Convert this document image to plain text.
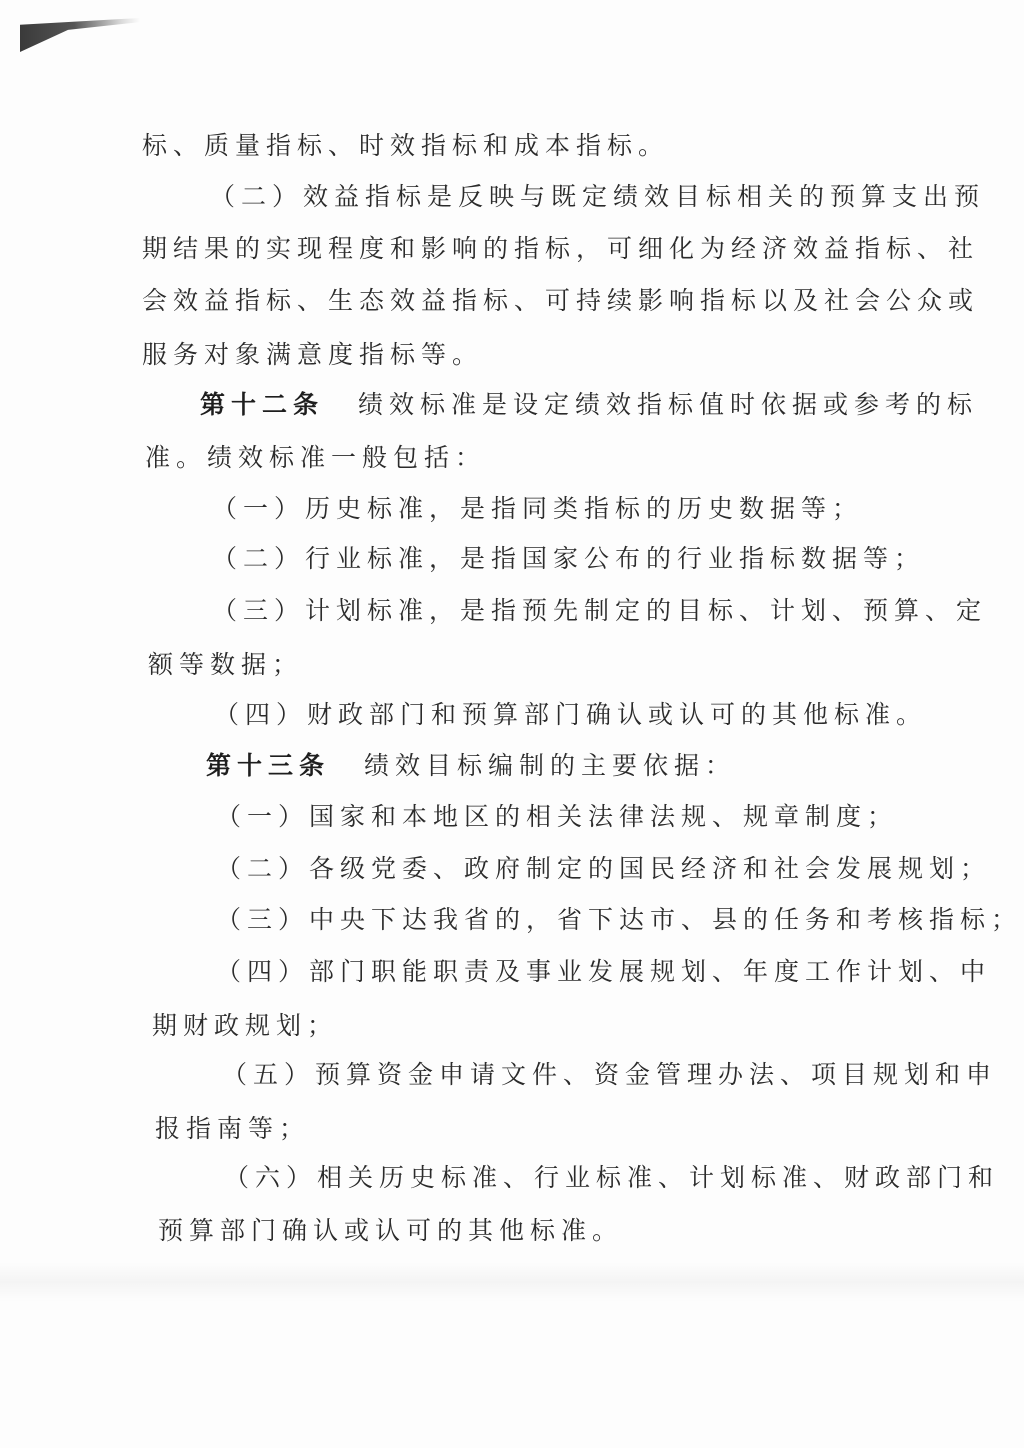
标、质量指标、时效指标和成本指标。
（二）效益指标是反映与既定绩效目标相关的预算支出预
期结果的实现程度和影响的指标，可细化为经济效益指标、社
会效益指标、生态效益指标、可持续影响指标以及社会公众或
服务对象满意度指标等。
第十二条 绩效标准是设定绩效指标值时依据或参考的标
准。绩效标准一般包括：
（一）历史标准，是指同类指标的历史数据等；
（二）行业标准，是指国家公布的行业指标数据等；
（三）计划标准，是指预先制定的目标、计划、预算、定
额等数据；
（四）财政部门和预算部门确认或认可的其他标准。
第十三条 绩效目标编制的主要依据：
（一）国家和本地区的相关法律法规、规章制度；
（二）各级党委、政府制定的国民经济和社会发展规划；
（三）中央下达我省的，省下达市、县的任务和考核指标；
（四）部门职能职责及事业发展规划、年度工作计划、中
期财政规划；
（五）预算资金申请文件、资金管理办法、项目规划和申
报指南等；
（六）相关历史标准、行业标准、计划标准、财政部门和
预算部门确认或认可的其他标准。
